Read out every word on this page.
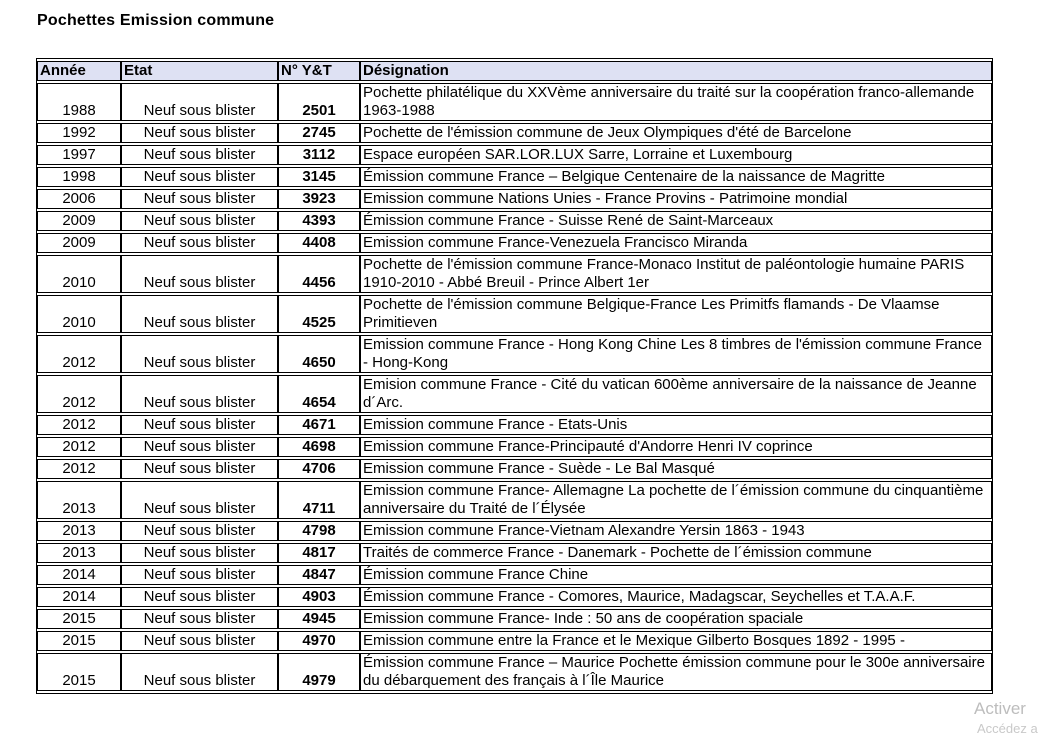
Pochettes Emission commune
Année	Etat	N° Y&T	Désignation
1988	Neuf sous blister	2501	Pochette philatélique du XXVème anniversaire du traité sur la coopération franco-allemande 1963-1988
1992	Neuf sous blister	2745	Pochette de l'émission commune de Jeux Olympiques d'été de Barcelone
1997	Neuf sous blister	3112	Espace européen SAR.LOR.LUX Sarre, Lorraine et Luxembourg
1998	Neuf sous blister	3145	Émission commune France – Belgique Centenaire de la naissance de Magritte
2006	Neuf sous blister	3923	Emission commune Nations Unies - France Provins - Patrimoine mondial
2009	Neuf sous blister	4393	Émission commune France - Suisse René de Saint-Marceaux
2009	Neuf sous blister	4408	Emission commune France-Venezuela Francisco Miranda
2010	Neuf sous blister	4456	Pochette de l'émission commune France-Monaco Institut de paléontologie humaine PARIS 1910-2010 - Abbé Breuil - Prince Albert 1er
2010	Neuf sous blister	4525	Pochette de l'émission commune Belgique-France Les Primitfs flamands - De Vlaamse Primitieven
2012	Neuf sous blister	4650	Emission commune France - Hong Kong Chine Les 8 timbres de l'émission commune France - Hong-Kong
2012	Neuf sous blister	4654	Emision commune France - Cité du vatican 600ème anniversaire de la naissance de Jeanne d´Arc.
2012	Neuf sous blister	4671	Emission commune France - Etats-Unis
2012	Neuf sous blister	4698	Emission commune France-Principauté d'Andorre Henri IV coprince
2012	Neuf sous blister	4706	Emission commune France - Suède - Le Bal Masqué
2013	Neuf sous blister	4711	Emission commune France- Allemagne La pochette de l´émission commune du cinquantième anniversaire du Traité de l´Élysée
2013	Neuf sous blister	4798	Emission commune France-Vietnam Alexandre Yersin 1863 - 1943
2013	Neuf sous blister	4817	Traités de commerce France - Danemark - Pochette de l´émission commune
2014	Neuf sous blister	4847	Émission commune France Chine
2014	Neuf sous blister	4903	Émission commune France - Comores, Maurice, Madagscar, Seychelles et T.A.A.F.
2015	Neuf sous blister	4945	Emission commune France- Inde : 50 ans de coopération spaciale
2015	Neuf sous blister	4970	Emission commune entre la France et le Mexique Gilberto Bosques 1892 - 1995 -
2015	Neuf sous blister	4979	Émission commune France – Maurice Pochette émission commune pour le 300e anniversaire du débarquement des français à l´Île Maurice
Activer
Accédez a
